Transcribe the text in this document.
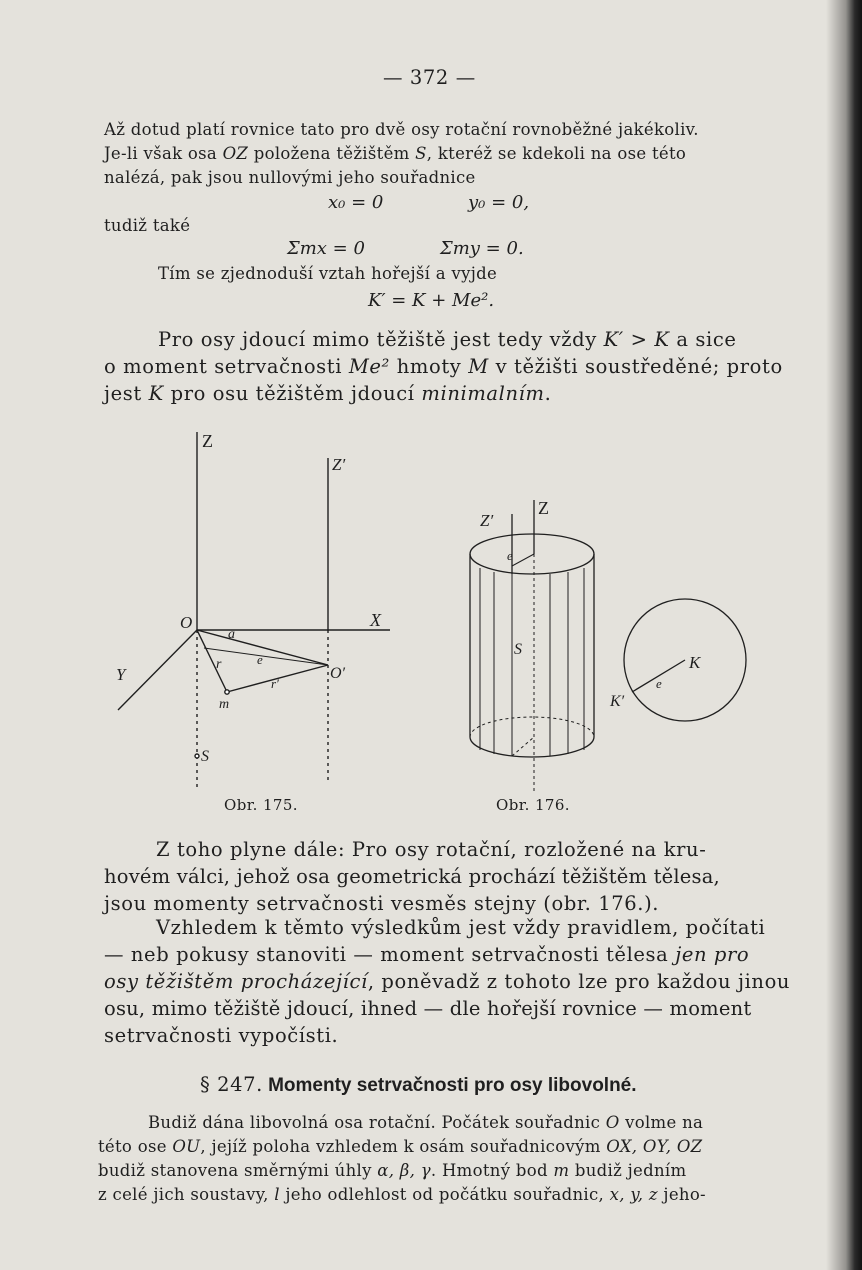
— 372 —
Až dotud platí rovnice tato pro dvě osy rotační rovnoběžné jakékoliv.
Je-li však osa OZ položena těžištěm S, kteréž se kdekoli na ose této
nalézá, pak jsou nullovými jeho souřadnice
x₀ = 0	y₀ = 0,
tudiž také
Σmx = 0	Σmy = 0.
Tím se zjednoduší vztah hořejší a vyjde
K′ = K + Me².
Pro osy jdoucí mimo těžiště jest tedy vždy K′ > K a sice
o moment setrvačnosti Me² hmoty M v těžišti soustředěné; proto
jest K pro osu těžištěm jdoucí minimalním.
Z
Z′
O	X
Y	O′
a
r	e
r′
m
S
Obr. 175.
Z′
Z
e
S
K
K′
e
Obr. 176.
Z toho plyne dále: Pro osy rotační, rozložené na kru-
hovém válci, jehož osa geometrická prochází těžištěm tělesa,
jsou momenty setrvačnosti vesměs stejny (obr. 176.).
Vzhledem k těmto výsledkům jest vždy pravidlem, počítati
— neb pokusy stanoviti — moment setrvačnosti tělesa jen pro
osy těžištěm procházející, poněvadž z tohoto lze pro každou jinou
osu, mimo těžiště jdoucí, ihned — dle hořejší rovnice — moment
setrvačnosti vypočísti.
§ 247. Momenty setrvačnosti pro osy libovolné.
Budiž dána libovolná osa rotační. Počátek souřadnic O volme na
této ose OU, jejíž poloha vzhledem k osám souřadnicovým OX, OY, OZ
budiž stanovena směrnými úhly α, β, γ. Hmotný bod m budiž jedním
z celé jich soustavy, l jeho odlehlost od počátku souřadnic, x, y, z jeho-
